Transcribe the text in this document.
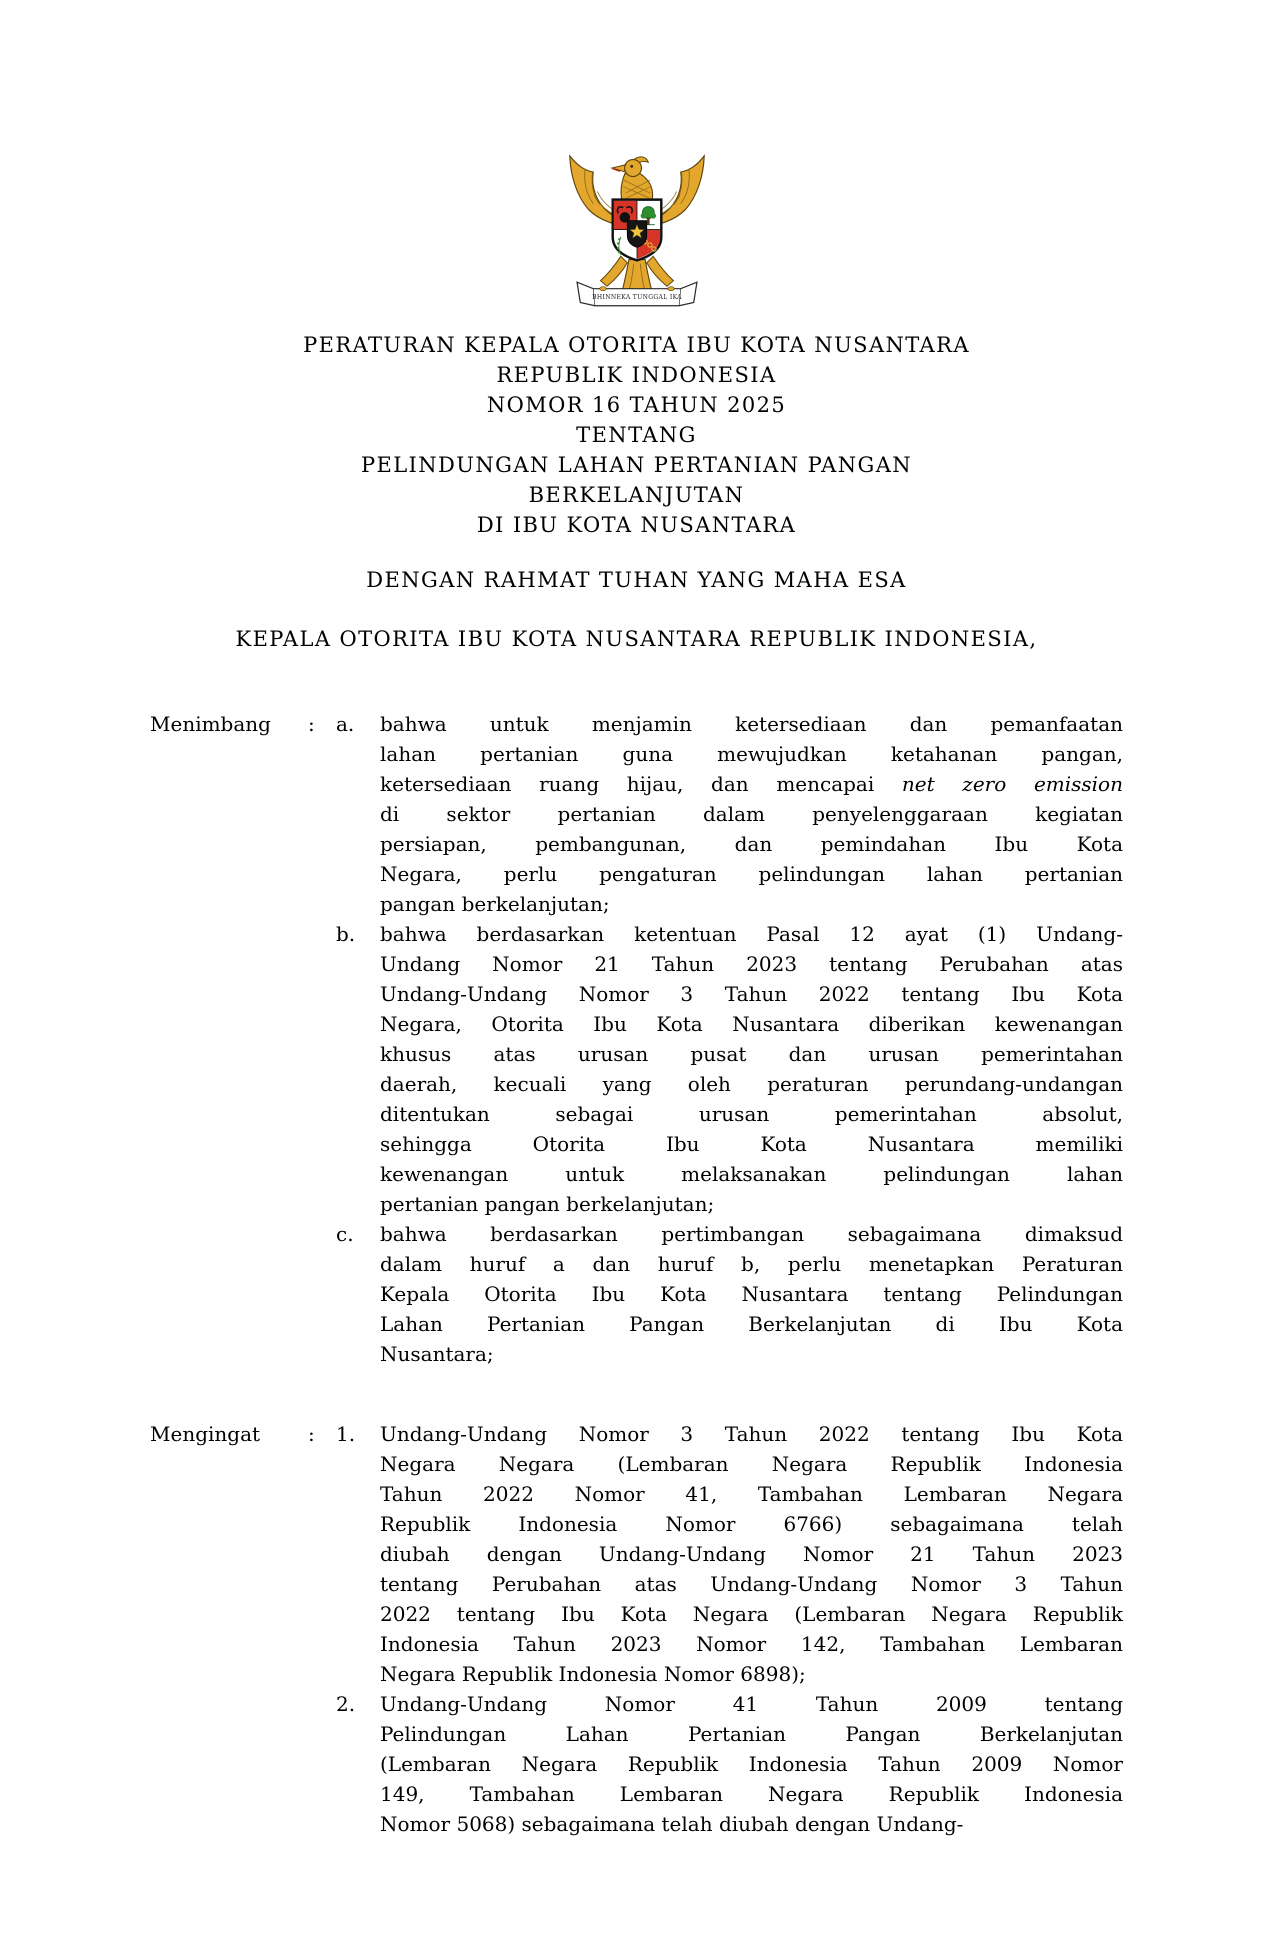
BHINNEKA TUNGGAL IKA
PERATURAN KEPALA OTORITA IBU KOTA NUSANTARA
REPUBLIK INDONESIA
NOMOR 16 TAHUN 2025
TENTANG
PELINDUNGAN LAHAN PERTANIAN PANGAN
BERKELANJUTAN
DI IBU KOTA NUSANTARA
DENGAN RAHMAT TUHAN YANG MAHA ESA
KEPALA OTORITA IBU KOTA NUSANTARA REPUBLIK INDONESIA,
Menimbang	:	a.	bahwa untuk menjamin ketersediaan dan pemanfaatan
lahan pertanian guna mewujudkan ketahanan pangan,
ketersediaan ruang hijau, dan mencapai net zero emission
di sektor pertanian dalam penyelenggaraan kegiatan
persiapan, pembangunan, dan pemindahan Ibu Kota
Negara, perlu pengaturan pelindungan lahan pertanian
pangan berkelanjutan;
b.	bahwa berdasarkan ketentuan Pasal 12 ayat (1) Undang-
Undang Nomor 21 Tahun 2023 tentang Perubahan atas
Undang-Undang Nomor 3 Tahun 2022 tentang Ibu Kota
Negara, Otorita Ibu Kota Nusantara diberikan kewenangan
khusus atas urusan pusat dan urusan pemerintahan
daerah, kecuali yang oleh peraturan perundang-undangan
ditentukan sebagai urusan pemerintahan absolut,
sehingga Otorita Ibu Kota Nusantara memiliki
kewenangan untuk melaksanakan pelindungan lahan
pertanian pangan berkelanjutan;
c.	bahwa berdasarkan pertimbangan sebagaimana dimaksud
dalam huruf a dan huruf b, perlu menetapkan Peraturan
Kepala Otorita Ibu Kota Nusantara tentang Pelindungan
Lahan Pertanian Pangan Berkelanjutan di Ibu Kota
Nusantara;
Mengingat	:	1.	Undang-Undang Nomor 3 Tahun 2022 tentang Ibu Kota
Negara Negara (Lembaran Negara Republik Indonesia
Tahun 2022 Nomor 41, Tambahan Lembaran Negara
Republik Indonesia Nomor 6766) sebagaimana telah
diubah dengan Undang-Undang Nomor 21 Tahun 2023
tentang Perubahan atas Undang-Undang Nomor 3 Tahun
2022 tentang Ibu Kota Negara (Lembaran Negara Republik
Indonesia Tahun 2023 Nomor 142, Tambahan Lembaran
Negara Republik Indonesia Nomor 6898);
2.	Undang-Undang Nomor 41 Tahun 2009 tentang
Pelindungan Lahan Pertanian Pangan Berkelanjutan
(Lembaran Negara Republik Indonesia Tahun 2009 Nomor
149, Tambahan Lembaran Negara Republik Indonesia
Nomor 5068) sebagaimana telah diubah dengan Undang-
